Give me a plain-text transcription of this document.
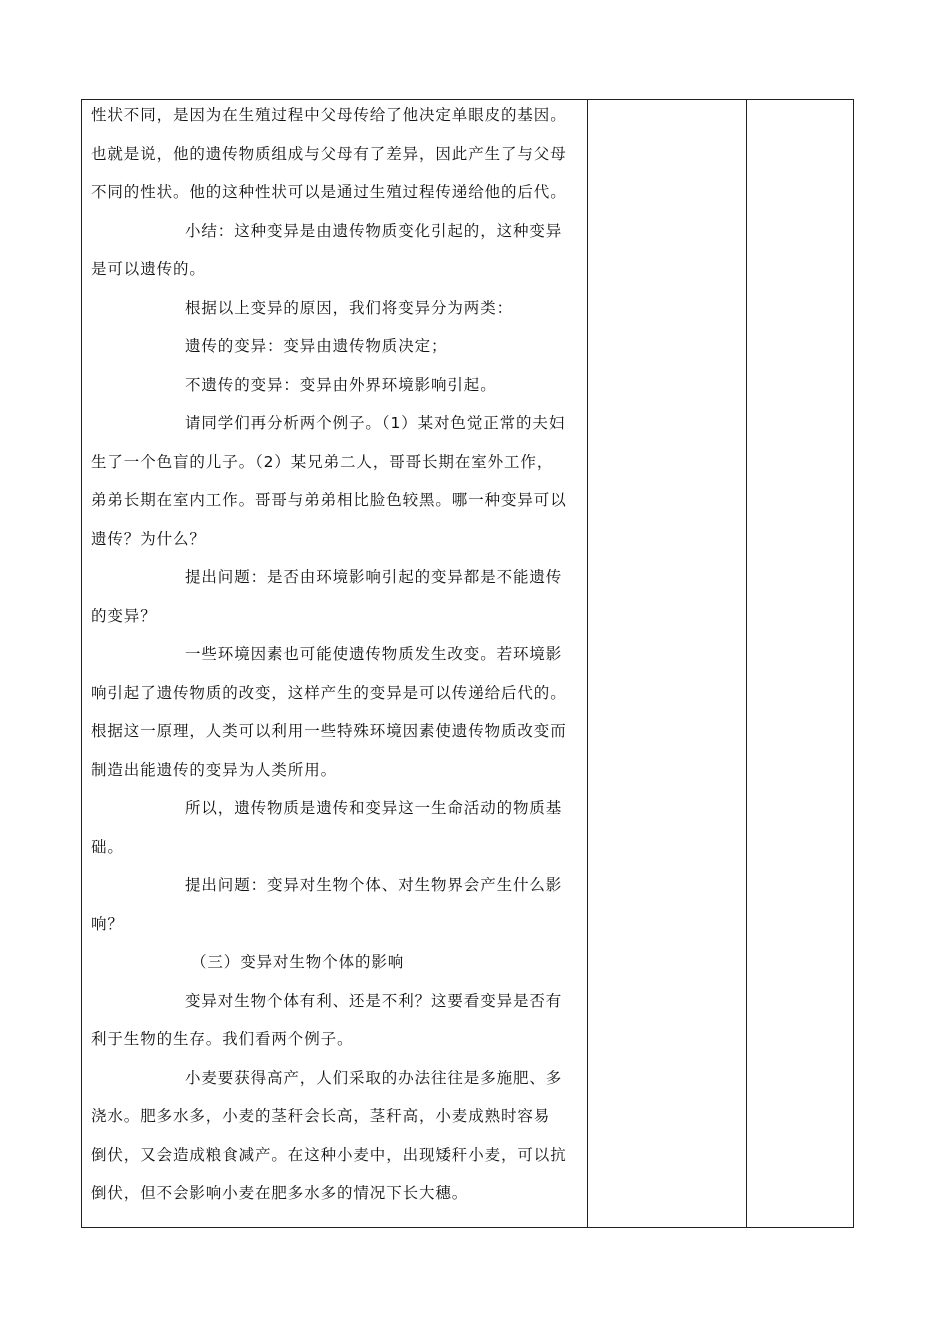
性状不同，是因为在生殖过程中父母传给了他决定单眼皮的基因。
也就是说，他的遗传物质组成与父母有了差异，因此产生了与父母
不同的性状。他的这种性状可以是通过生殖过程传递给他的后代。
小结：这种变异是由遗传物质变化引起的，这种变异
是可以遗传的。
根据以上变异的原因，我们将变异分为两类：
遗传的变异：变异由遗传物质决定；
不遗传的变异：变异由外界环境影响引起。
请同学们再分析两个例子。（1）某对色觉正常的夫妇
生了一个色盲的儿子。（2）某兄弟二人，哥哥长期在室外工作，
弟弟长期在室内工作。哥哥与弟弟相比脸色较黑。哪一种变异可以
遗传？为什么？
提出问题：是否由环境影响引起的变异都是不能遗传
的变异？
一些环境因素也可能使遗传物质发生改变。若环境影
响引起了遗传物质的改变，这样产生的变异是可以传递给后代的。
根据这一原理，人类可以利用一些特殊环境因素使遗传物质改变而
制造出能遗传的变异为人类所用。
所以，遗传物质是遗传和变异这一生命活动的物质基
础。
提出问题：变异对生物个体、对生物界会产生什么影
响？
（三）变异对生物个体的影响
变异对生物个体有利、还是不利？这要看变异是否有
利于生物的生存。我们看两个例子。
小麦要获得高产，人们采取的办法往往是多施肥、多
浇水。肥多水多，小麦的茎秆会长高，茎秆高，小麦成熟时容易
倒伏，又会造成粮食减产。在这种小麦中，出现矮秆小麦，可以抗
倒伏，但不会影响小麦在肥多水多的情况下长大穗。
